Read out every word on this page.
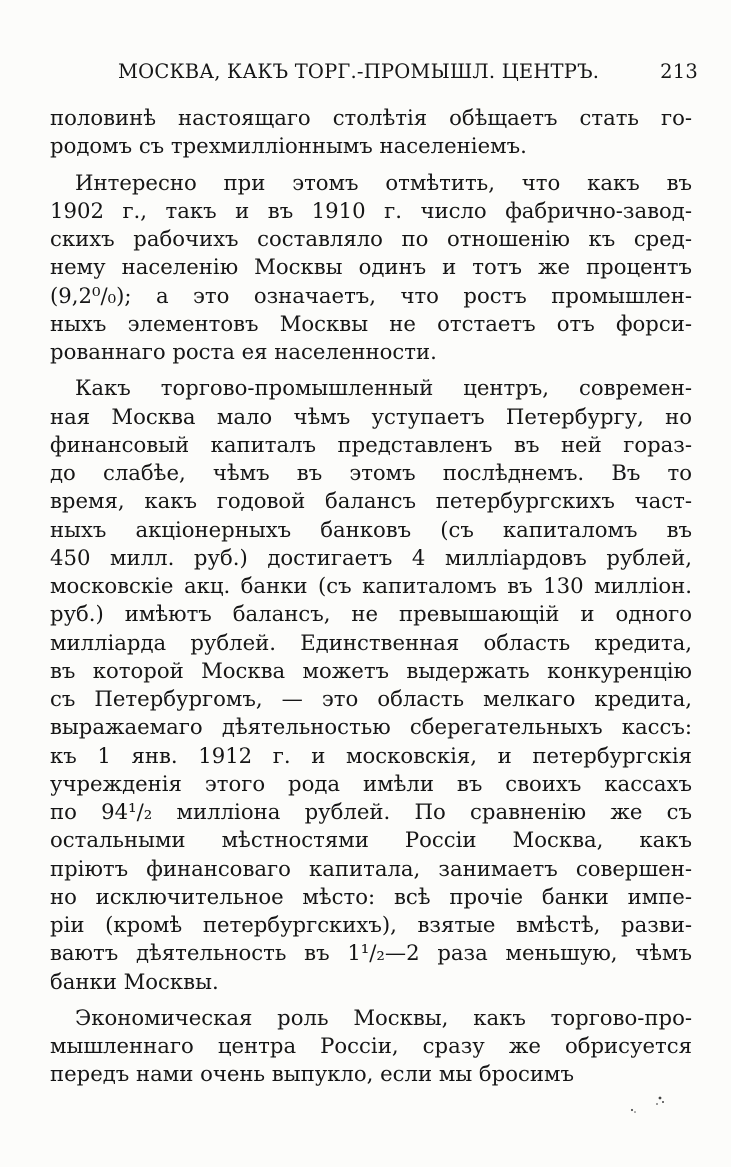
МОСКВА, КАКЪ ТОРГ.-ПРОМЫШЛ. ЦЕНТРЪ.	213
половинѣ настоящаго столѣтія обѣщаетъ стать го-
родомъ съ трехмилліоннымъ населеніемъ.
Интересно при этомъ отмѣтить, что какъ въ
1902 г., такъ и въ 1910 г. число фабрично-завод-
скихъ рабочихъ составляло по отношенію къ сред-
нему населенію Москвы одинъ и тотъ же процентъ
(9,2⁰/₀); а это означаетъ, что ростъ промышлен-
ныхъ элементовъ Москвы не отстаетъ отъ форси-
рованнаго роста ея населенности.
Какъ торгово-промышленный центръ, современ-
ная Москва мало чѣмъ уступаетъ Петербургу, но
финансовый капиталъ представленъ въ ней гораз-
до слабѣе, чѣмъ въ этомъ послѣднемъ. Въ то
время, какъ годовой балансъ петербургскихъ част-
ныхъ акціонерныхъ банковъ (съ капиталомъ въ
450 милл. руб.) достигаетъ 4 милліардовъ рублей,
московскіе акц. банки (съ капиталомъ въ 130 милліон.
руб.) имѣютъ балансъ, не превышающій и одного
милліарда рублей. Единственная область кредита,
въ которой Москва можетъ выдержать конкуренцію
съ Петербургомъ, — это область мелкаго кредита,
выражаемаго дѣятельностью сберегательныхъ кассъ:
къ 1 янв. 1912 г. и московскія, и петербургскія
учрежденія этого рода имѣли въ своихъ кассахъ
по 94¹/₂ милліона рублей. По сравненію же съ
остальными мѣстностями Россіи Москва, какъ
пріютъ финансоваго капитала, занимаетъ совершен-
но исключительное мѣсто: всѣ прочіе банки импе-
ріи (кромѣ петербургскихъ), взятые вмѣстѣ, разви-
ваютъ дѣятельность въ 1¹/₂—2 раза меньшую, чѣмъ
банки Москвы.
Экономическая роль Москвы, какъ торгово-про-
мышленнаго центра Россіи, сразу же обрисуется
передъ нами очень выпукло, если мы бросимъ
